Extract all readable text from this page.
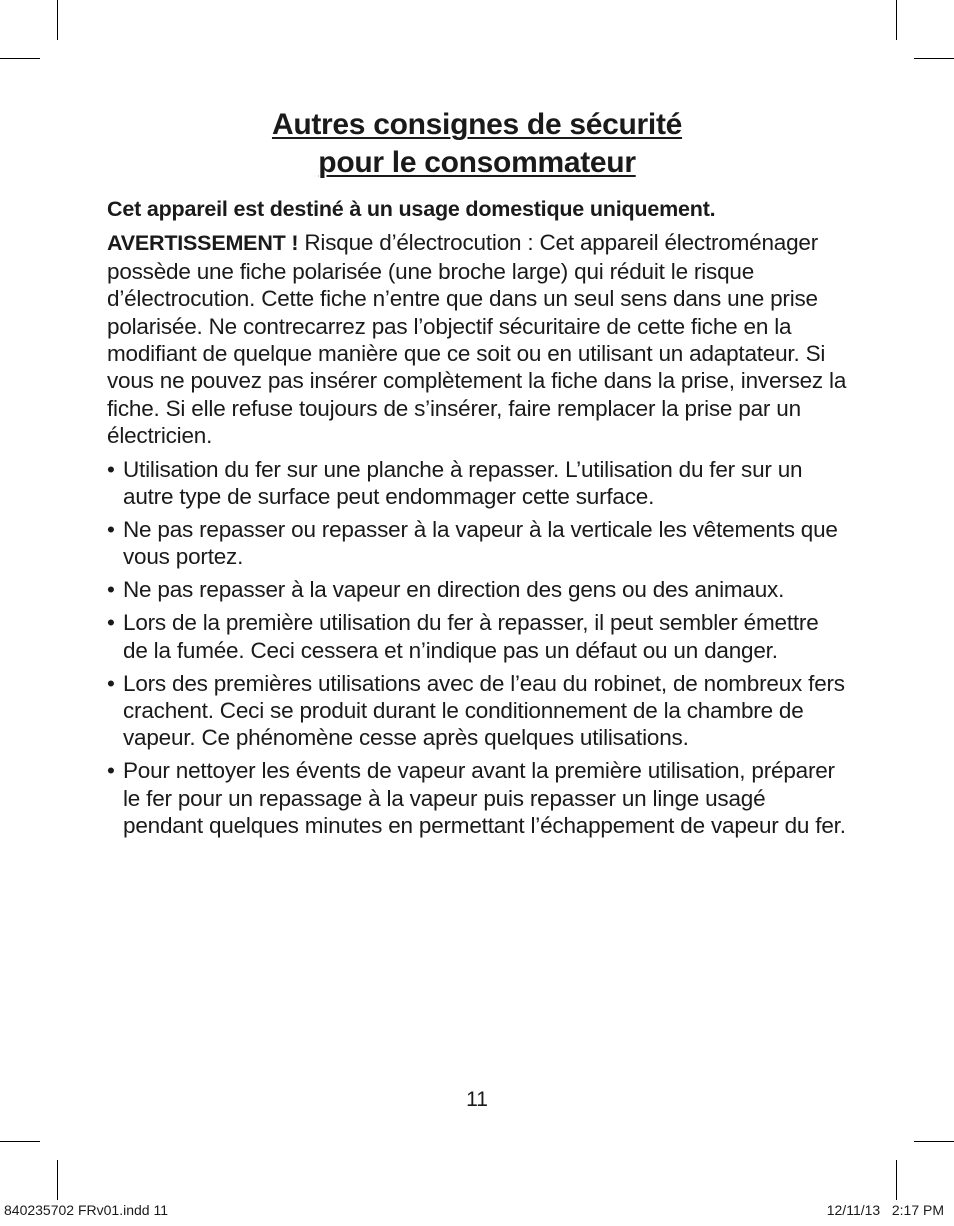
Autres consignes de sécurité
pour le consommateur

Cet appareil est destiné à un usage domestique uniquement.

AVERTISSEMENT ! Risque d’électrocution : Cet appareil électroménager possède une fiche polarisée (une broche large) qui réduit le risque d’électrocution. Cette fiche n’entre que dans un seul sens dans une prise polarisée. Ne contrecarrez pas l’objectif sécuritaire de cette fiche en la modifiant de quelque manière que ce soit ou en utilisant un adaptateur. Si vous ne pouvez pas insérer complètement la fiche dans la prise, inversez la fiche. Si elle refuse toujours de s’insérer, faire remplacer la prise par un électricien.

• Utilisation du fer sur une planche à repasser. L’utilisation du fer sur un autre type de surface peut endommager cette surface.
• Ne pas repasser ou repasser à la vapeur à la verticale les vêtements que vous portez.
• Ne pas repasser à la vapeur en direction des gens ou des animaux.
• Lors de la première utilisation du fer à repasser, il peut sembler émettre de la fumée. Ceci cessera et n’indique pas un défaut ou un danger.
• Lors des premières utilisations avec de l’eau du robinet, de nombreux fers crachent. Ceci se produit durant le conditionnement de la chambre de vapeur. Ce phénomène cesse après quelques utilisations.
• Pour nettoyer les évents de vapeur avant la première utilisation, préparer le fer pour un repassage à la vapeur puis repasser un linge usagé pendant quelques minutes en permettant l’échappement de vapeur du fer.
11
840235702 FRv01.indd 11	12/11/13   2:17 PM
